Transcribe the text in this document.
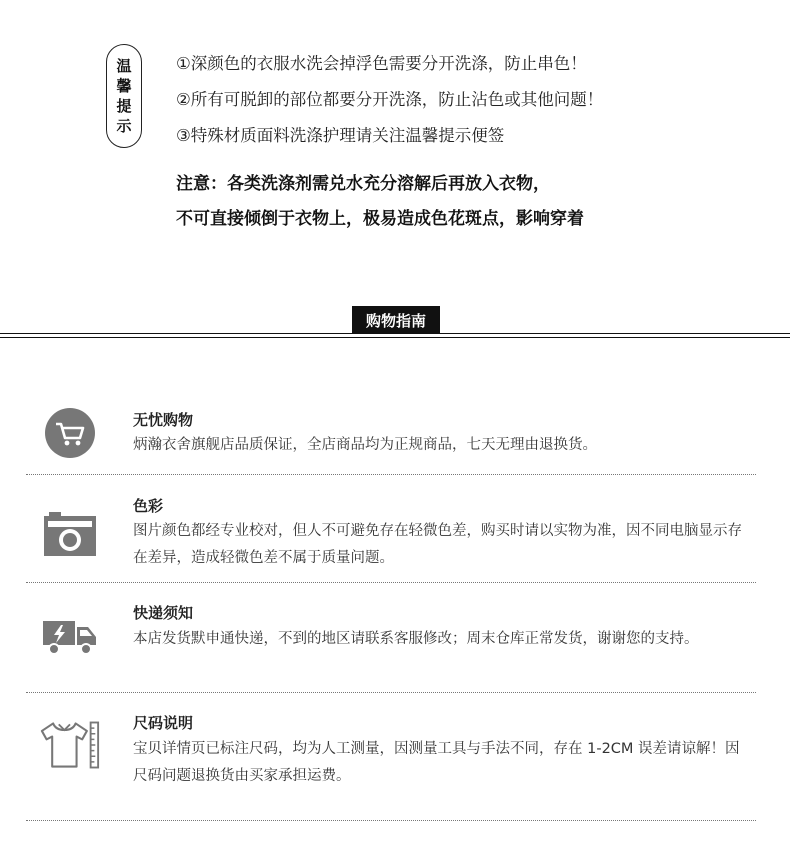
温
馨
提
示
①深颜色的衣服水洗会掉浮色需要分开洗涤，防止串色！
②所有可脱卸的部位都要分开洗涤，防止沾色或其他问题！
③特殊材质面料洗涤护理请关注温馨提示便签
注意：各类洗涤剂需兑水充分溶解后再放入衣物，
不可直接倾倒于衣物上，极易造成色花斑点，影响穿着
购物指南
无忧购物
炳瀚衣舍旗舰店品质保证，全店商品均为正规商品，七天无理由退换货。
色彩
图片颜色都经专业校对，但人不可避免存在轻微色差，购买时请以实物为准，因不同电脑显示存在差异，造成轻微色差不属于质量问题。
快递须知
本店发货默申通快递，不到的地区请联系客服修改；周末仓库正常发货，谢谢您的支持。
尺码说明
宝贝详情页已标注尺码，均为人工测量，因测量工具与手法不同，存在 1-2CM 误差请谅解！因尺码问题退换货由买家承担运费。
